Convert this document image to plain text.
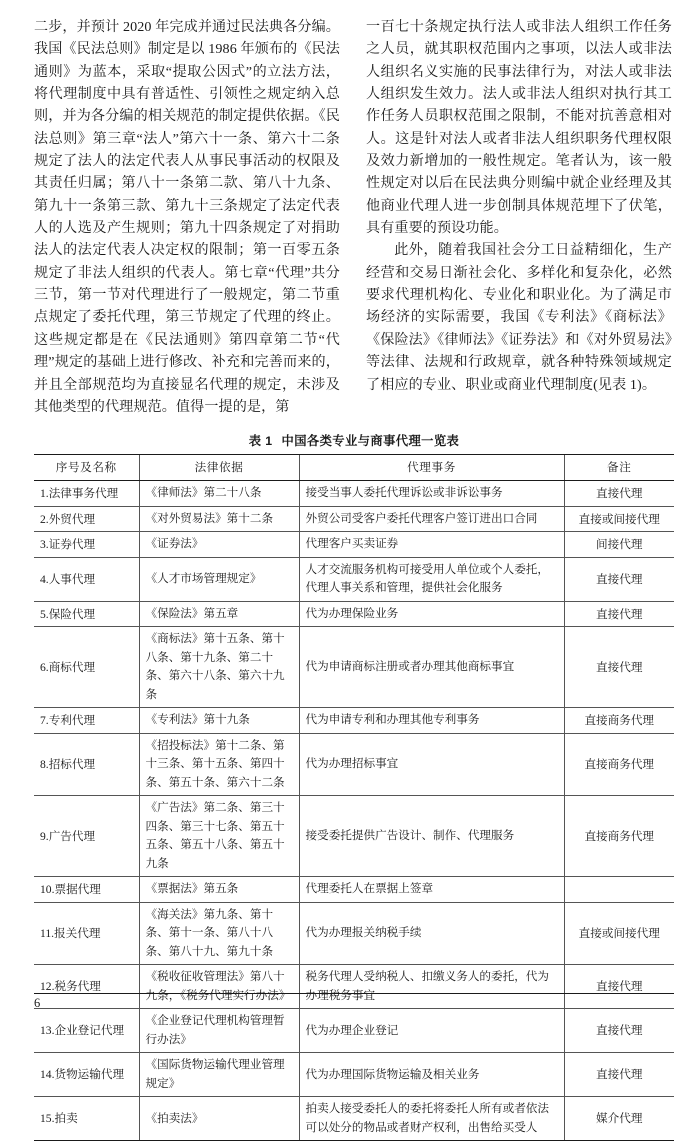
二步，并预计 2020 年完成并通过民法典各分编。我国《民法总则》制定是以 1986 年颁布的《民法通则》为蓝本，采取“提取公因式”的立法方法，将代理制度中具有普适性、引领性之规定纳入总则，并为各分编的相关规范的制定提供依据。《民法总则》第三章“法人”第六十一条、第六十二条规定了法人的法定代表人从事民事活动的权限及其责任归属；第八十一条第二款、第八十九条、第九十一条第三款、第九十三条规定了法定代表人的人选及产生规则；第九十四条规定了对捐助法人的法定代表人决定权的限制；第一百零五条规定了非法人组织的代表人。第七章“代理”共分三节，第一节对代理进行了一般规定，第二节重点规定了委托代理，第三节规定了代理的终止。这些规定都是在《民法通则》第四章第二节“代理”规定的基础上进行修改、补充和完善而来的，并且全部规范均为直接显名代理的规定，未涉及其他类型的代理规范。值得一提的是，第

一百七十条规定执行法人或非法人组织工作任务之人员，就其职权范围内之事项，以法人或非法人组织名义实施的民事法律行为，对法人或非法人组织发生效力。法人或非法人组织对执行其工作任务人员职权范围之限制，不能对抗善意相对人。这是针对法人或者非法人组织职务代理权限及效力新增加的一般性规定。笔者认为，该一般性规定对以后在民法典分则编中就企业经理及其他商业代理人进一步创制具体规范埋下了伏笔，具有重要的预设功能。

此外，随着我国社会分工日益精细化，生产经营和交易日渐社会化、多样化和复杂化，必然要求代理机构化、专业化和职业化。为了满足市场经济的实际需要，我国《专利法》《商标法》《保险法》《律师法》《证券法》和《对外贸易法》等法律、法规和行政规章，就各种特殊领域规定了相应的专业、职业或商业代理制度(见表 1)。

表 1 中国各类专业与商事代理一览表
序号及名称	法律依据	代理事务	备注
1.法律事务代理	《律师法》第二十八条	接受当事人委托代理诉讼或非诉讼事务	直接代理
2.外贸代理	《对外贸易法》第十二条	外贸公司受客户委托代理客户签订进出口合同	直接或间接代理
3.证券代理	《证券法》	代理客户买卖证券	间接代理
4.人事代理	《人才市场管理规定》	人才交流服务机构可接受用人单位或个人委托，代理人事关系和管理，提供社会化服务	直接代理
5.保险代理	《保险法》第五章	代为办理保险业务	直接代理
6.商标代理	《商标法》第十五条、第十八条、第十九条、第二十条、第六十八条、第六十九条	代为申请商标注册或者办理其他商标事宜	直接代理
7.专利代理	《专利法》第十九条	代为申请专利和办理其他专利事务	直接商务代理
8.招标代理	《招投标法》第十二条、第十三条、第十五条、第四十条、第五十条、第六十二条	代为办理招标事宜	直接商务代理
9.广告代理	《广告法》第二条、第三十四条、第三十七条、第五十五条、第五十八条、第五十九条	接受委托提供广告设计、制作、代理服务	直接商务代理
10.票据代理	《票据法》第五条	代理委托人在票据上签章	
11.报关代理	《海关法》第九条、第十条、第十一条、第八十八条、第八十九、第九十条	代为办理报关纳税手续	直接或间接代理
12.税务代理	《税收征收管理法》第八十九条，《税务代理实行办法》	税务代理人受纳税人、扣缴义务人的委托，代为办理税务事宜	直接代理
13.企业登记代理	《企业登记代理机构管理暂行办法》	代为办理企业登记	直接代理
14.货物运输代理	《国际货物运输代理业管理规定》	代为办理国际货物运输及相关业务	直接代理
15.拍卖	《拍卖法》	拍卖人接受委托人的委托将委托人所有或者依法可以处分的物品或者财产权利，出售给买受人	媒介代理
6
